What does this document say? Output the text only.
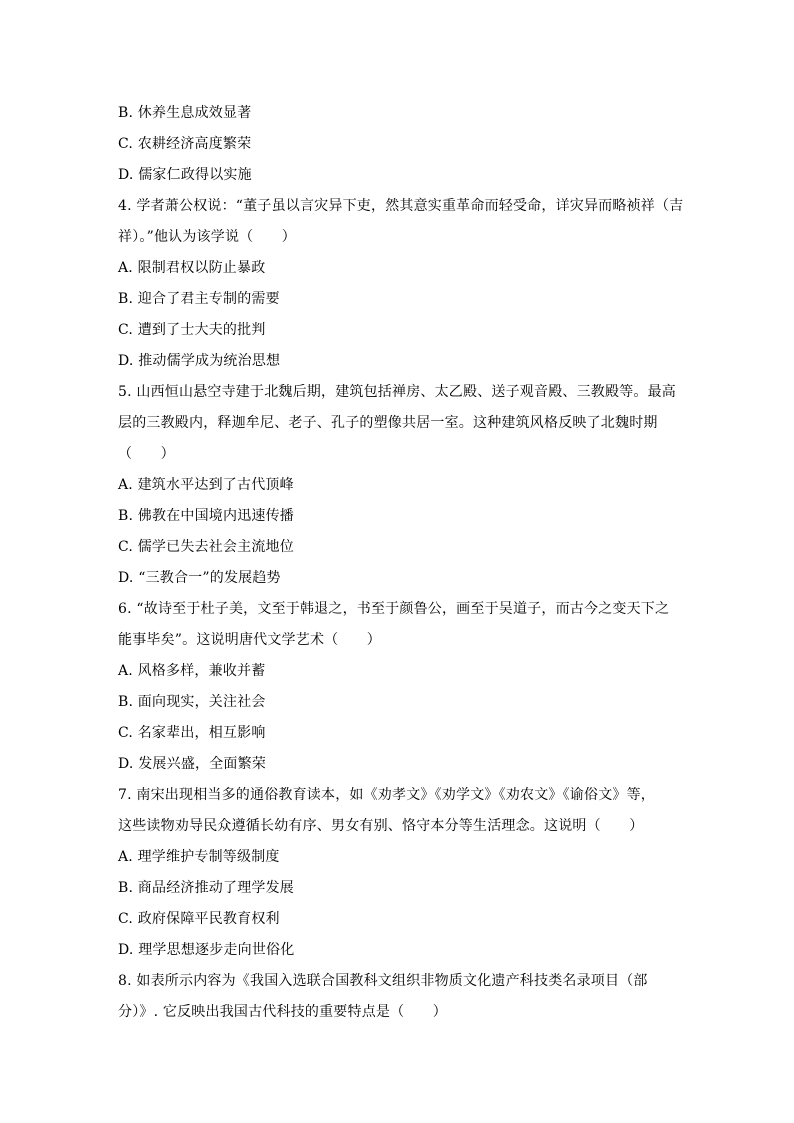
B. 休养生息成效显著
C. 农耕经济高度繁荣
D. 儒家仁政得以实施
4. 学者萧公权说：“董子虽以言灾异下吏，然其意实重革命而轻受命，详灾异而略祯祥（吉
祥）。”他认为该学说（　　）
A. 限制君权以防止暴政
B. 迎合了君主专制的需要
C. 遭到了士大夫的批判
D. 推动儒学成为统治思想
5. 山西恒山悬空寺建于北魏后期，建筑包括禅房、太乙殿、送子观音殿、三教殿等。最高
层的三教殿内，释迦牟尼、老子、孔子的塑像共居一室。这种建筑风格反映了北魏时期
（　　）
A. 建筑水平达到了古代顶峰
B. 佛教在中国境内迅速传播
C. 儒学已失去社会主流地位
D. “三教合一”的发展趋势
6. “故诗至于杜子美，文至于韩退之，书至于颜鲁公，画至于吴道子，而古今之变天下之
能事毕矣”。这说明唐代文学艺术（　　）
A. 风格多样，兼收并蓄
B. 面向现实，关注社会
C. 名家辈出，相互影响
D. 发展兴盛，全面繁荣
7. 南宋出现相当多的通俗教育读本，如《劝孝文》《劝学文》《劝农文》《谕俗文》等，
这些读物劝导民众遵循长幼有序、男女有别、恪守本分等生活理念。这说明（　　）
A. 理学维护专制等级制度
B. 商品经济推动了理学发展
C. 政府保障平民教育权利
D. 理学思想逐步走向世俗化
8. 如表所示内容为《我国入选联合国教科文组织非物质文化遗产科技类名录项目（部
分）》. 它反映出我国古代科技的重要特点是（　　）
